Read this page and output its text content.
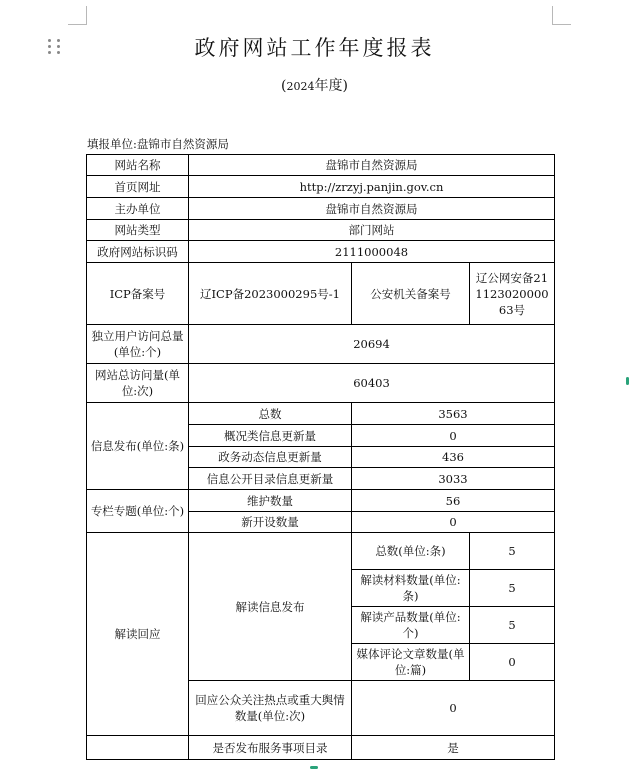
政府网站工作年度报表
(2024年度)
填报单位:盘锦市自然资源局
网站名称	盘锦市自然资源局		
首页网址	http://zrzyj.panjin.gov.cn		
主办单位	盘锦市自然资源局		
网站类型	部门网站		
政府网站标识码	2111000048		
ICP备案号	辽ICP备2023000295号-1	公安机关备案号	辽公网安备21112302000063号
独立用户访问总量(单位:个)	20694		
网站总访问量(单位:次)	60403		
信息发布(单位:条)	总数	3563	
	概况类信息更新量	0	
	政务动态信息更新量	436	
	信息公开目录信息更新量	3033	
专栏专题(单位:个)	维护数量	56	
	新开设数量	0	
解读回应	解读信息发布	总数(单位:条)	5
		解读材料数量(单位:条)	5
		解读产品数量(单位:个)	5
		媒体评论文章数量(单位:篇)	0
	回应公众关注热点或重大舆情数量(单位:次)	0	
	是否发布服务事项目录	是	
